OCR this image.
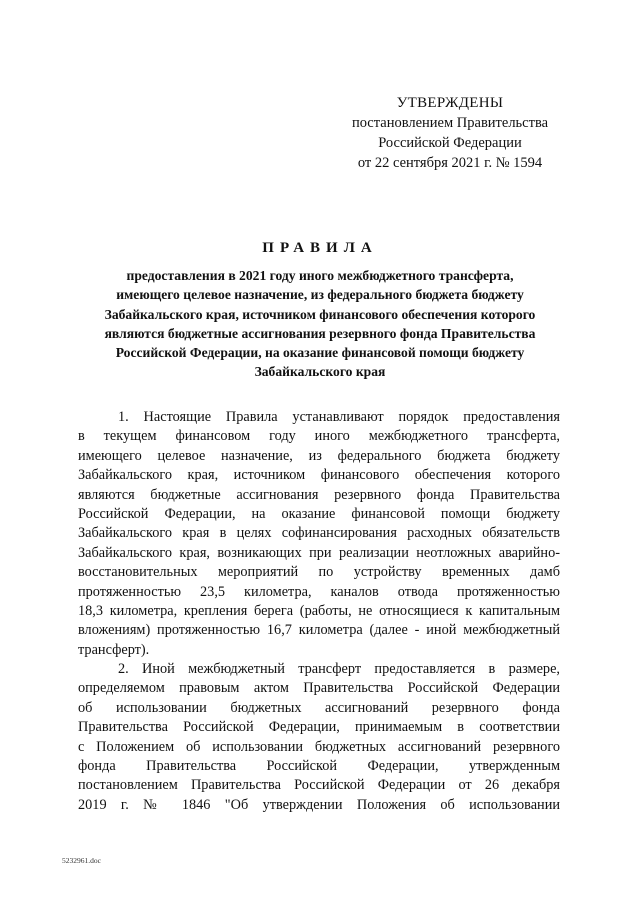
УТВЕРЖДЕНЫ
постановлением Правительства
Российской Федерации
от 22 сентября 2021 г. № 1594
ПРАВИЛА
предоставления в 2021 году иного межбюджетного трансферта,
имеющего целевое назначение, из федерального бюджета бюджету
Забайкальского края, источником финансового обеспечения которого
являются бюджетные ассигнования резервного фонда Правительства
Российской Федерации, на оказание финансовой помощи бюджету
Забайкальского края
1. Настоящие Правила устанавливают порядок предоставления
в текущем финансовом году иного межбюджетного трансферта,
имеющего целевое назначение, из федерального бюджета бюджету
Забайкальского края, источником финансового обеспечения которого
являются бюджетные ассигнования резервного фонда Правительства
Российской Федерации, на оказание финансовой помощи бюджету
Забайкальского края в целях софинансирования расходных обязательств
Забайкальского края, возникающих при реализации неотложных аварийно-
восстановительных мероприятий по устройству временных дамб
протяженностью 23,5 километра, каналов отвода протяженностью
18,3 километра, крепления берега (работы, не относящиеся к капитальным
вложениям) протяженностью 16,7 километра (далее - иной межбюджетный
трансферт).
2. Иной межбюджетный трансферт предоставляется в размере,
определяемом правовым актом Правительства Российской Федерации
об использовании бюджетных ассигнований резервного фонда
Правительства Российской Федерации, принимаемым в соответствии
с Положением об использовании бюджетных ассигнований резервного
фонда Правительства Российской Федерации, утвержденным
постановлением Правительства Российской Федерации от 26 декабря
2019 г. № 1846 "Об утверждении Положения об использовании
5232961.doc
